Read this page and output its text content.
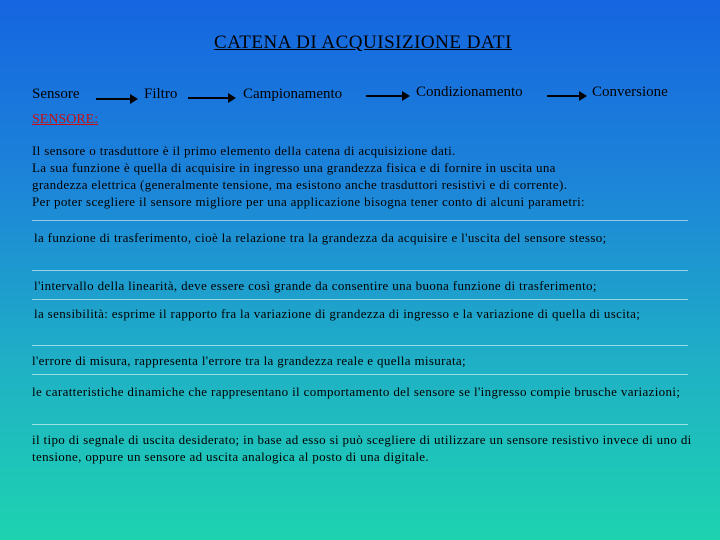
CATENA DI ACQUISIZIONE DATI
Sensore	Filtro	Campionamento	Condizionamento	Conversione
SENSORE:
Il sensore o trasduttore è il primo elemento della catena di acquisizione dati.
La sua funzione è quella di acquisire in ingresso una grandezza fisica e di fornire in uscita una
grandezza elettrica (generalmente tensione, ma esistono anche trasduttori resistivi e di corrente).
Per poter scegliere il sensore migliore per una applicazione bisogna tener conto di alcuni parametri:
la funzione di trasferimento, cioè la relazione tra la grandezza da acquisire e l'uscita del sensore stesso;
l'intervallo della linearità, deve essere così grande da consentire una buona funzione di trasferimento;
la sensibilità: esprime il rapporto fra la variazione di grandezza di ingresso e la variazione di quella di uscita;
l'errore di misura, rappresenta l'errore tra la grandezza reale e quella misurata;
le caratteristiche dinamiche che rappresentano il comportamento del sensore se l'ingresso compie brusche variazioni;
il tipo di segnale di uscita desiderato; in base ad esso si può scegliere di utilizzare un sensore resistivo invece di uno di tensione, oppure un sensore ad uscita analogica al posto di una digitale.
